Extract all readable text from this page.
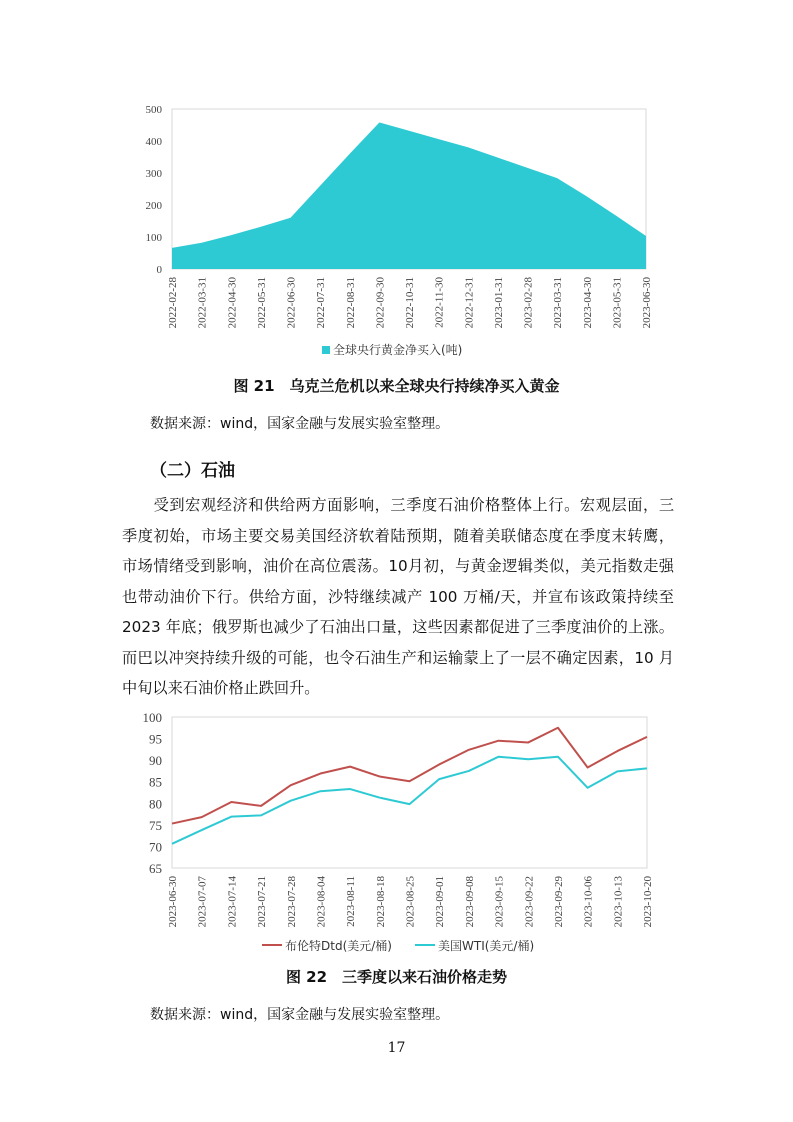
0
100
200
300
400
500
2022-02-28 2022-03-31 2022-04-30 2022-05-31 2022-06-30 2022-07-31 2022-08-31 2022-09-30 2022-10-31 2022-11-30 2022-12-31 2023-01-31 2023-02-28 2023-03-31 2023-04-30 2023-05-31 2023-06-30
全球央行黄金净买入(吨)
图 21　乌克兰危机以来全球央行持续净买入黄金
数据来源：wind，国家金融与发展实验室整理。
（二）石油
　　受到宏观经济和供给两方面影响，三季度石油价格整体上行。宏观层面，三
季度初始，市场主要交易美国经济软着陆预期，随着美联储态度在季度末转鹰，
市场情绪受到影响，油价在高位震荡。10月初，与黄金逻辑类似，美元指数走强
也带动油价下行。供给方面，沙特继续减产 100 万桶/天，并宣布该政策持续至
2023 年底；俄罗斯也减少了石油出口量，这些因素都促进了三季度油价的上涨。
而巴以冲突持续升级的可能，也令石油生产和运输蒙上了一层不确定因素，10 月
中旬以来石油价格止跌回升。
65
70
75
80
85
90
95
100
2023-06-30 2023-07-07 2023-07-14 2023-07-21 2023-07-28 2023-08-04 2023-08-11 2023-08-18 2023-08-25 2023-09-01 2023-09-08 2023-09-15 2023-09-22 2023-09-29 2023-10-06 2023-10-13 2023-10-20
布伦特Dtd(美元/桶)	美国WTI(美元/桶)
图 22　三季度以来石油价格走势
数据来源：wind，国家金融与发展实验室整理。
17
